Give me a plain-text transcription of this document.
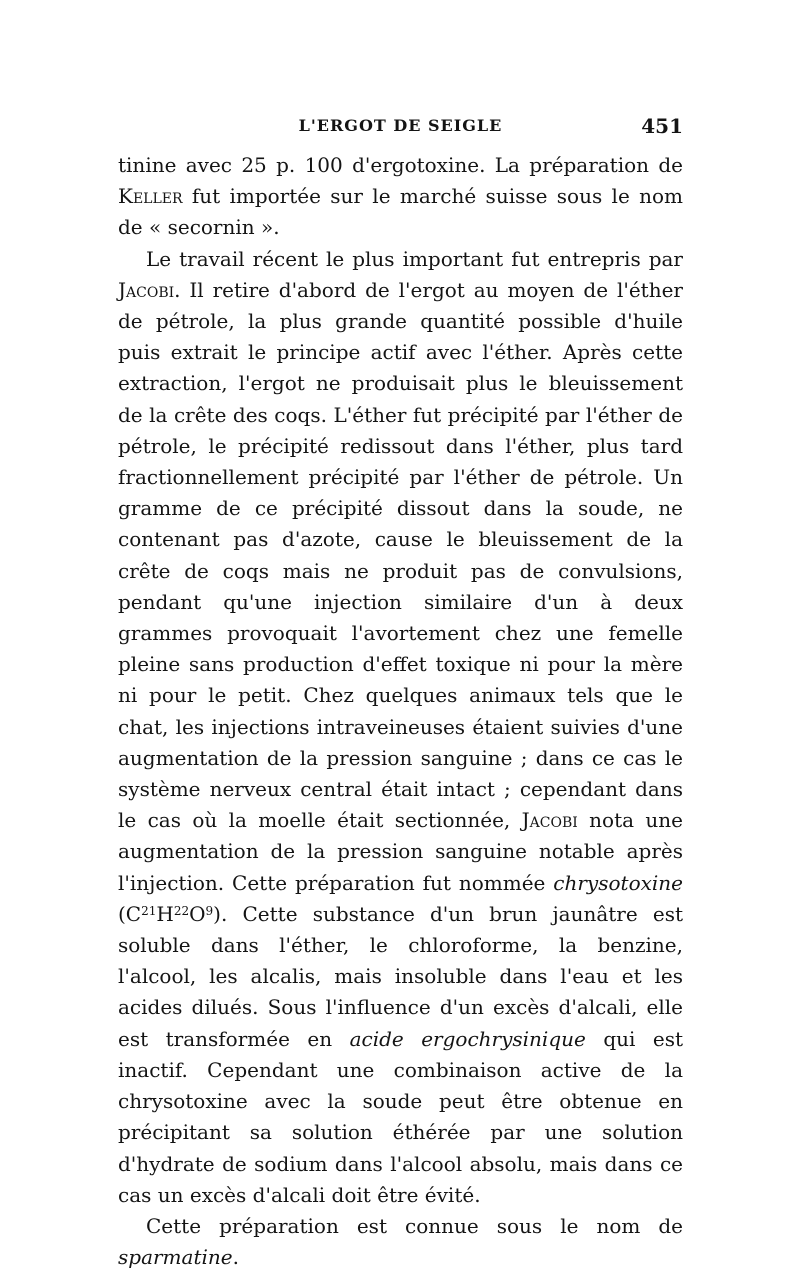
L'ERGOT DE SEIGLE	451

tinine avec 25 p. 100 d'ergotoxine. La préparation de Keller fut importée sur le marché suisse sous le nom de « secornin ».

Le travail récent le plus important fut entrepris par Jacobi. Il retire d'abord de l'ergot au moyen de l'éther de pétrole, la plus grande quantité possible d'huile puis extrait le principe actif avec l'éther. Après cette extraction, l'ergot ne produisait plus le bleuissement de la crête des coqs. L'éther fut précipité par l'éther de pétrole, le précipité redissout dans l'éther, plus tard fractionnellement précipité par l'éther de pétrole. Un gramme de ce précipité dissout dans la soude, ne contenant pas d'azote, cause le bleuissement de la crête de coqs mais ne produit pas de convulsions, pendant qu'une injection similaire d'un à deux grammes provoquait l'avortement chez une femelle pleine sans production d'effet toxique ni pour la mère ni pour le petit. Chez quelques animaux tels que le chat, les injections intraveineuses étaient suivies d'une augmentation de la pression sanguine ; dans ce cas le système nerveux central était intact ; cependant dans le cas où la moelle était sectionnée, Jacobi nota une augmentation de la pression sanguine notable après l'injection. Cette préparation fut nommée chrysotoxine $(C^{21}H^{22}O^9)$. Cette substance d'un brun jaunâtre est soluble dans l'éther, le chloroforme, la benzine, l'alcool, les alcalis, mais insoluble dans l'eau et les acides dilués. Sous l'influence d'un excès d'alcali, elle est transformée en acide ergochrysinique qui est inactif. Cependant une combinaison active de la chrysotoxine avec la soude peut être obtenue en précipitant sa solution éthérée par une solution d'hydrate de sodium dans l'alcool absolu, mais dans ce cas un excès d'alcali doit être évité.

Cette préparation est connue sous le nom de sparmatine.
